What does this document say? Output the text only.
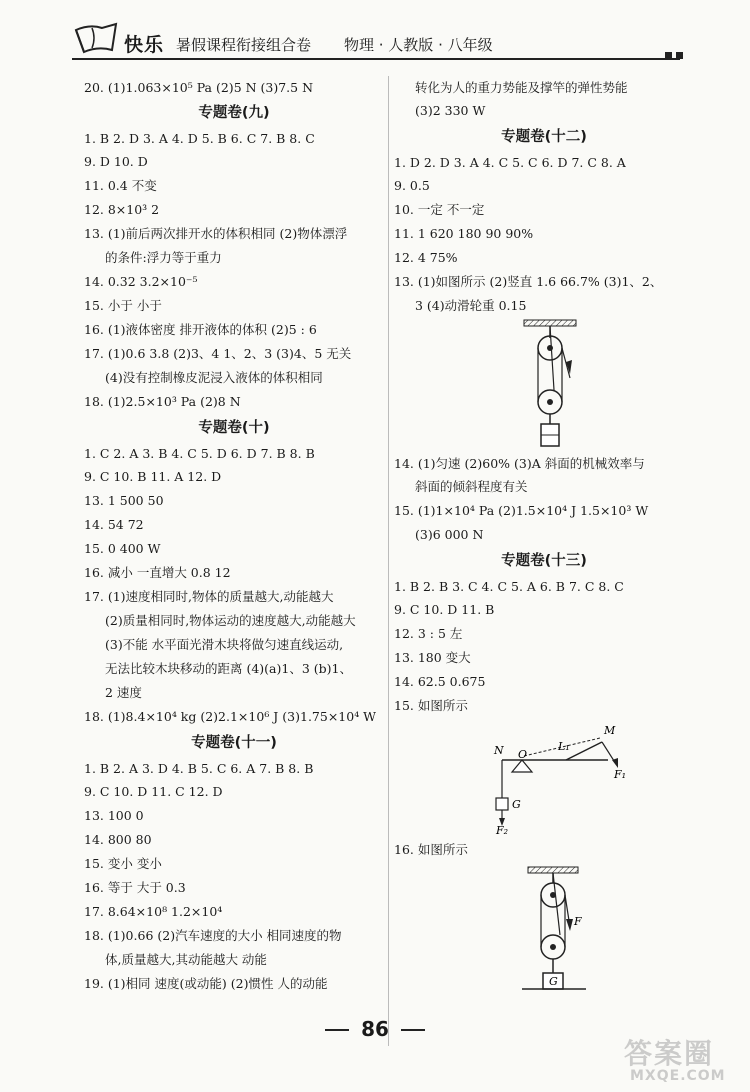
快乐 暑假课程衔接组合卷 物理 · 人教版 · 八年级
20. (1)1.063×10⁵ Pa (2)5 N (3)7.5 N
专题卷(九)
1. B 2. D 3. A 4. D 5. B 6. C 7. B 8. C
9. D 10. D
11. 0.4 不变
12. 8×10³ 2
13. (1)前后两次排开水的体积相同 (2)物体漂浮
的条件:浮力等于重力
14. 0.32 3.2×10⁻⁵
15. 小于 小于
16. (1)液体密度 排开液体的体积 (2)5 : 6
17. (1)0.6 3.8 (2)3、4 1、2、3 (3)4、5 无关
(4)没有控制橡皮泥浸入液体的体积相同
18. (1)2.5×10³ Pa (2)8 N
专题卷(十)
1. C 2. A 3. B 4. C 5. D 6. D 7. B 8. B
9. C 10. B 11. A 12. D
13. 1 500 50
14. 54 72
15. 0 400 W
16. 减小 一直增大 0.8 12
17. (1)速度相同时,物体的质量越大,动能越大
(2)质量相同时,物体运动的速度越大,动能越大
(3)不能 水平面光滑木块将做匀速直线运动,
无法比较木块移动的距离 (4)(a)1、3 (b)1、
2 速度
18. (1)8.4×10⁴ kg (2)2.1×10⁶ J (3)1.75×10⁴ W
专题卷(十一)
1. B 2. A 3. D 4. B 5. C 6. A 7. B 8. B
9. C 10. D 11. C 12. D
13. 100 0
14. 800 80
15. 变小 变小
16. 等于 大于 0.3
17. 8.64×10⁸ 1.2×10⁴
18. (1)0.66 (2)汽车速度的大小 相同速度的物
体,质量越大,其动能越大 动能
19. (1)相同 速度(或动能) (2)惯性 人的动能
转化为人的重力势能及撑竿的弹性势能
(3)2 330 W
专题卷(十二)
1. D 2. D 3. A 4. C 5. C 6. D 7. C 8. A
9. 0.5
10. 一定 不一定
11. 1 620 180 90 90%
12. 4 75%
13. (1)如图所示 (2)竖直 1.6 66.7% (3)1、2、
3 (4)动滑轮重 0.15
14. (1)匀速 (2)60% (3)A 斜面的机械效率与
斜面的倾斜程度有关
15. (1)1×10⁴ Pa (2)1.5×10⁴ J 1.5×10³ W
(3)6 000 N
专题卷(十三)
1. B 2. B 3. C 4. C 5. A 6. B 7. C 8. C
9. C 10. D 11. B
12. 3 : 5 左
13. 180 变大
14. 62.5 0.675
15. 如图所示
L₁
M
N O
F₁
F₂
G
16. 如图所示
F
G
86
答案圈
MXQE.COM
